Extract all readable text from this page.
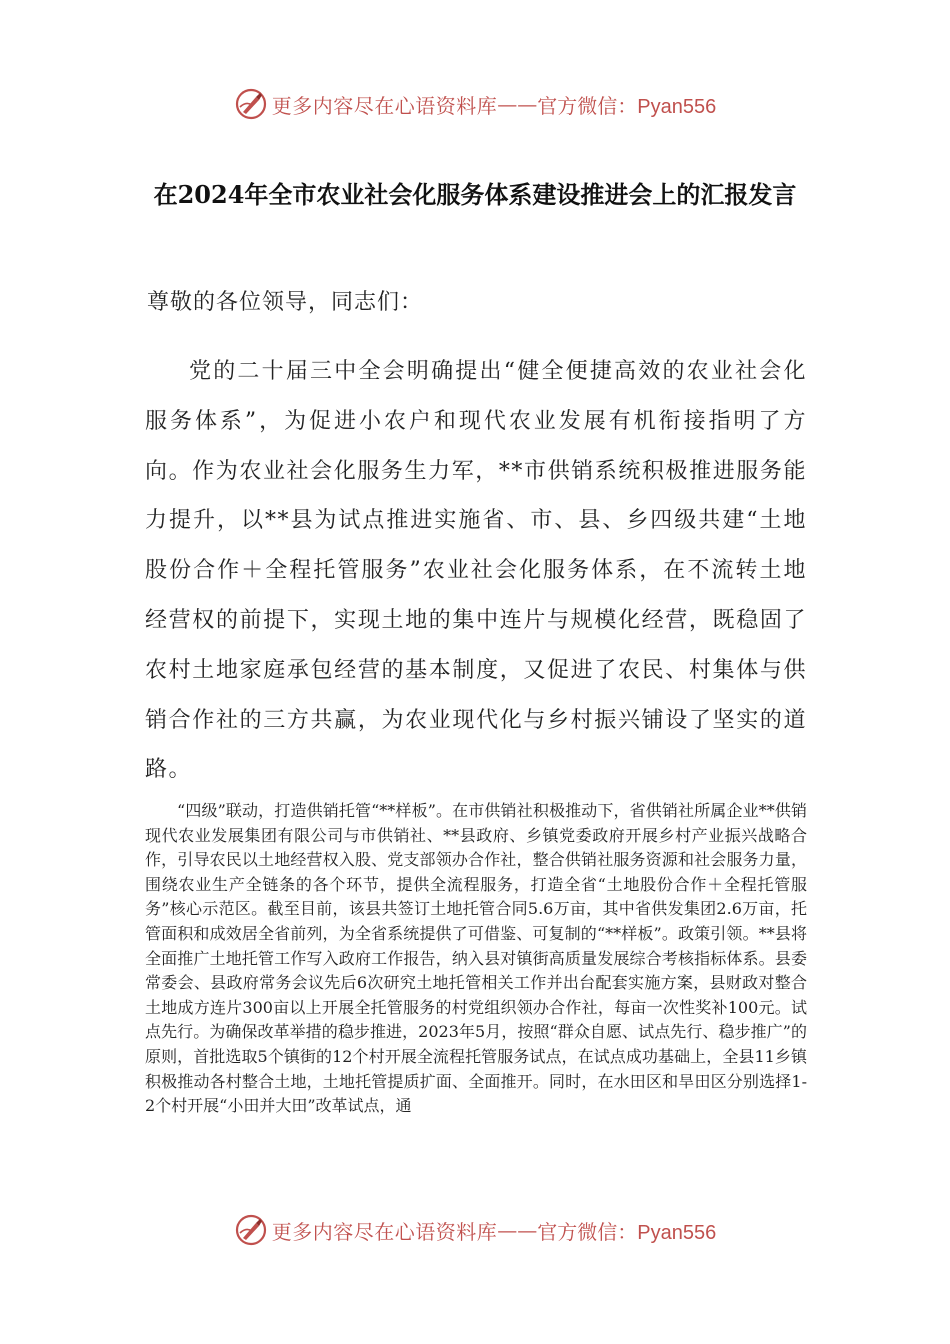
更多内容尽在心语资料库 —— 官方微信：Pyan556
在2024年全市农业社会化服务体系建设推进会上的汇报发言

尊敬的各位领导，同志们：

党的二十届三中全会明确提出“健全便捷高效的农业社会化服务体系”，为促进小农户和现代农业发展有机衔接指明了方向。作为农业社会化服务生力军，**市供销系统积极推进服务能力提升，以**县为试点推进实施省、市、县、乡四级共建“土地股份合作＋全程托管服务”农业社会化服务体系，在不流转土地经营权的前提下，实现土地的集中连片与规模化经营，既稳固了农村土地家庭承包经营的基本制度，又促进了农民、村集体与供销合作社的三方共赢，为农业现代化与乡村振兴铺设了坚实的道路。

“四级”联动，打造供销托管“**样板”。在市供销社积极推动下，省供销社所属企业**供销现代农业发展集团有限公司与市供销社、**县政府、乡镇党委政府开展乡村产业振兴战略合作，引导农民以土地经营权入股、党支部领办合作社，整合供销社服务资源和社会服务力量，围绕农业生产全链条的各个环节，提供全流程服务，打造全省“土地股份合作＋全程托管服务”核心示范区。截至目前，该县共签订土地托管合同5.6万亩，其中省供发集团2.6万亩，托管面积和成效居全省前列，为全省系统提供了可借鉴、可复制的“**样板”。政策引领。**县将全面推广土地托管工作写入政府工作报告，纳入县对镇街高质量发展综合考核指标体系。县委常委会、县政府常务会议先后6次研究土地托管相关工作并出台配套实施方案，县财政对整合土地成方连片300亩以上开展全托管服务的村党组织领办合作社，每亩一次性奖补100元。试点先行。为确保改革举措的稳步推进，2023年5月，按照“群众自愿、试点先行、稳步推广”的原则，首批选取5个镇街的12个村开展全流程托管服务试点，在试点成功基础上，全县11乡镇积极推动各村整合土地，土地托管提质扩面、全面推开。同时，在水田区和旱田区分别选择1-2个村开展“小田并大田”改革试点，通

更多内容尽在心语资料库 —— 官方微信：Pyan556
